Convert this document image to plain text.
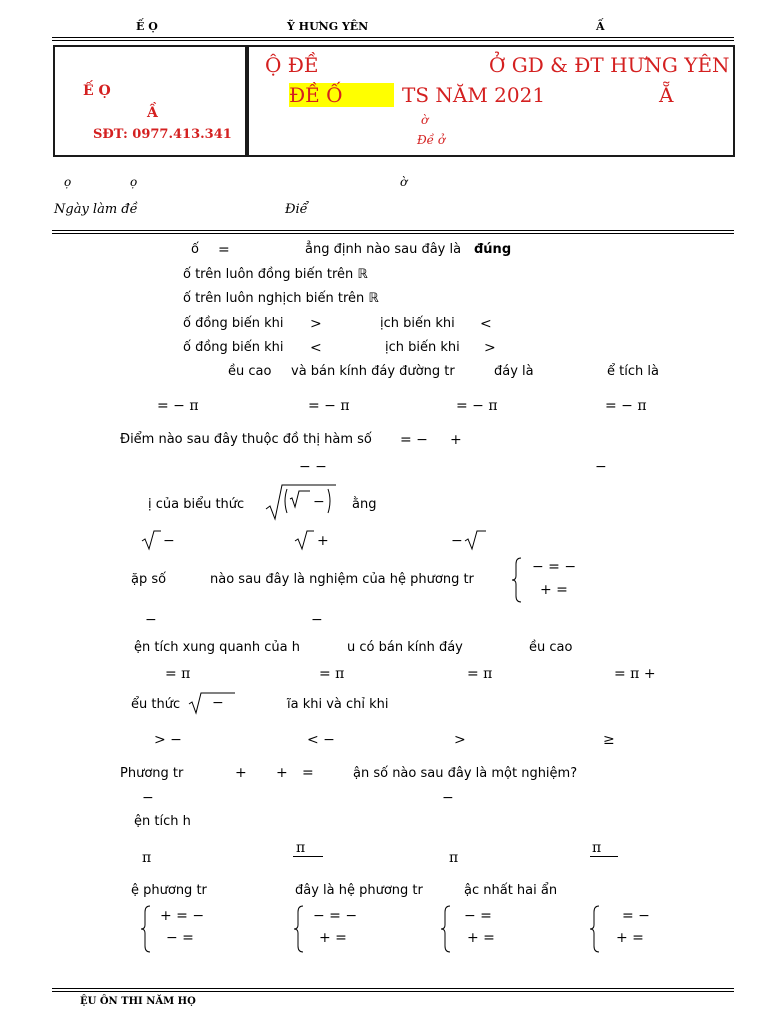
Ế Ọ	Ỹ HƯNG YÊN	Ấ
Ế Ọ
Ầ
SĐT: 0977.413.341
Ộ ĐỀ	Ở GD & ĐT HƯNG YÊN
ĐỀ Ố	TS NĂM 2021	Ẵ
ờ
Đề ở
ọ	ọ	ờ
Ngày làm đề	Điể
ố =	ẳng định nào sau đây là đúng
ố trên luôn đồng biến trên ℝ
ố trên luôn nghịch biến trên ℝ
ố đồng biến khi >	ịch biến khi <
ố đồng biến khi <	ịch biến khi >
ều cao và bán kính đáy đường tr	đáy là	ể tích là
= − π	= − π	= − π	= − π
Điểm nào sau đây thuộc đồ thị hàm số = − +
− −	−
ị của biểu thức	− ằng
−	+	−
ặp số	nào sau đây là nghiệm của hệ phương tr
− = −
+ =
−	−
ện tích xung quanh của h	u có bán kính đáy	ều cao
= π	= π	= π	= π +
ểu thức −	ĩa khi và chỉ khi
> −	< −	>	≥
Phương tr	+ + =	ận số nào sau đây là một nghiệm?
−	−
ện tích h
π
π
π
π
ệ phương tr	đây là hệ phương tr	ậc nhất hai ẩn
+ = −
− =
− = −
+ =
− =
+ =
= −
+ =
ỆU ÔN THI NĂM HỌ
